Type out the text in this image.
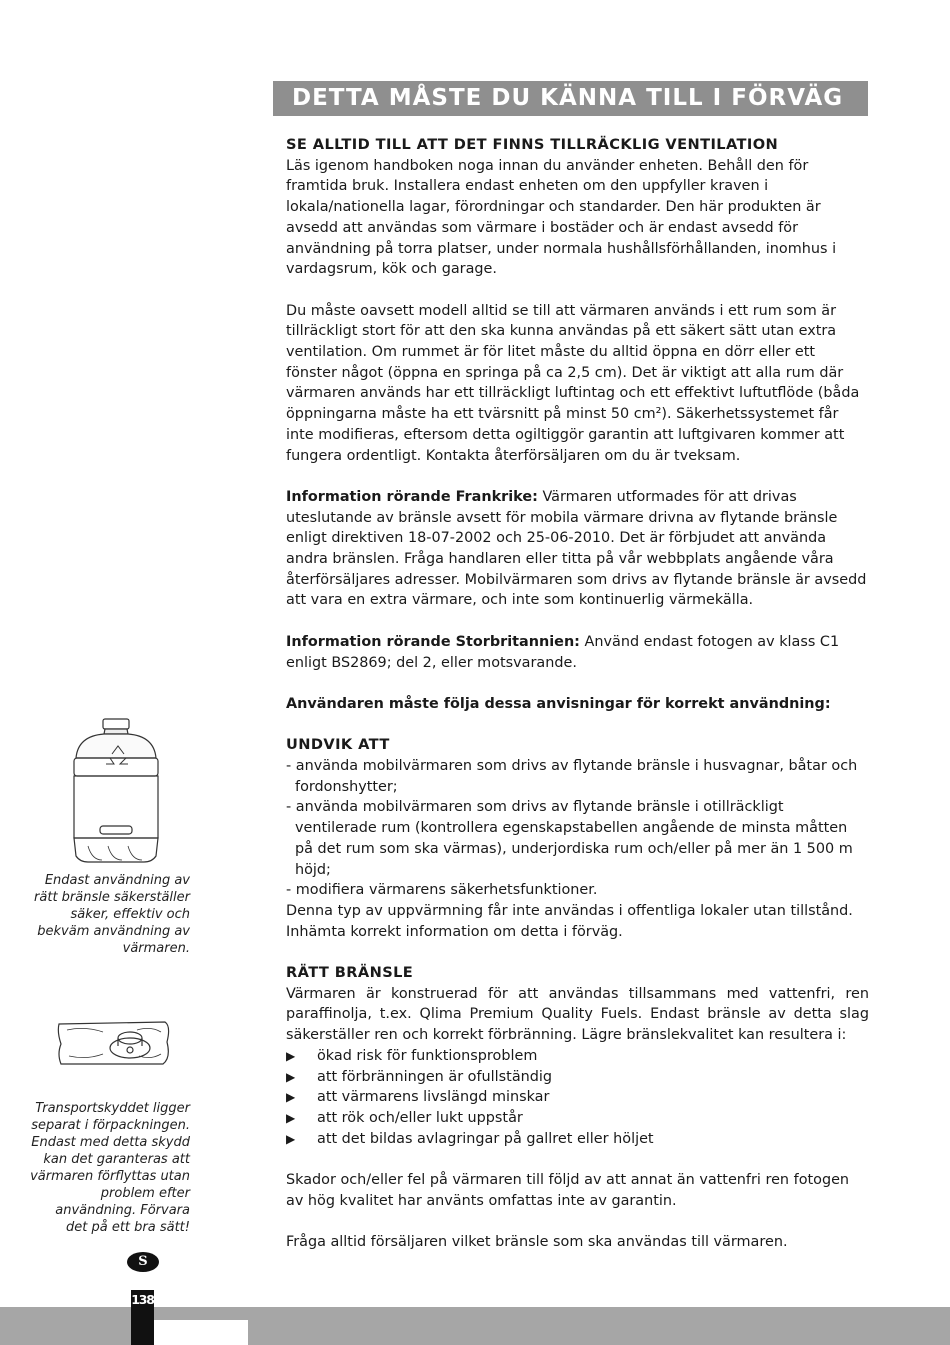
DETTA MÅSTE DU KÄNNA TILL I FÖRVÄG
SE ALLTID TILL ATT DET FINNS TILLRÄCKLIG VENTILATION

Läs igenom handboken noga innan du använder enheten. Behåll den för framtida bruk. Installera endast enheten om den uppfyller kraven i lokala/nationella lagar, förordningar och standarder. Den här produkten är avsedd att användas som värmare i bostäder och är endast avsedd för användning på torra platser, under normala hushållsförhållanden, inomhus i vardagsrum, kök och garage.

Du måste oavsett modell alltid se till att värmaren används i ett rum som är tillräckligt stort för att den ska kunna användas på ett säkert sätt utan extra ventilation. Om rummet är för litet måste du alltid öppna en dörr eller ett fönster något (öppna en springa på ca 2,5 cm). Det är viktigt att alla rum där värmaren används har ett tillräckligt luftintag och ett effektivt luftutflöde (båda öppningarna måste ha ett tvärsnitt på minst 50 cm²). Säkerhetssystemet får inte modifieras, eftersom detta ogiltiggör garantin att luftgivaren kommer att fungera ordentligt. Kontakta återförsäljaren om du är tveksam.

Information rörande Frankrike: Värmaren utformades för att drivas uteslutande av bränsle avsett för mobila värmare drivna av flytande bränsle enligt direktiven 18-07-2002 och 25-06-2010. Det är förbjudet att använda andra bränslen. Fråga handlaren eller titta på vår webbplats angående våra återförsäljares adresser. Mobilvärmaren som drivs av flytande bränsle är avsedd att vara en extra värmare, och inte som kontinuerlig värmekälla.

Information rörande Storbritannien: Använd endast fotogen av klass C1 enligt BS2869; del 2, eller motsvarande.

Användaren måste följa dessa anvisningar för korrekt användning:

UNDVIK ATT
- använda mobilvärmaren som drivs av flytande bränsle i husvagnar, båtar och fordonshytter;
- använda mobilvärmaren som drivs av flytande bränsle i otillräckligt ventilerade rum (kontrollera egenskapstabellen angående de minsta måtten på det rum som ska värmas), underjordiska rum och/eller på mer än 1 500 m höjd;
- modifiera värmarens säkerhetsfunktioner.

Denna typ av uppvärmning får inte användas i offentliga lokaler utan tillstånd. Inhämta korrekt information om detta i förväg.

RÄTT BRÄNSLE
Värmaren är konstruerad för att användas tillsammans med vattenfri, ren paraffinolja, t.ex. Qlima Premium Quality Fuels. Endast bränsle av detta slag säkerställer ren och korrekt förbränning. Lägre bränslekvalitet kan resultera i:
▶ ökad risk för funktionsproblem
▶ att förbränningen är ofullständig
▶ att värmarens livslängd minskar
▶ att rök och/eller lukt uppstår
▶ att det bildas avlagringar på gallret eller höljet

Skador och/eller fel på värmaren till följd av att annat än vattenfri ren fotogen av hög kvalitet har använts omfattas inte av garantin.

Fråga alltid försäljaren vilket bränsle som ska användas till värmaren.

Endast användning av rätt bränsle säkerställer säker, effektiv och bekväm användning av värmaren.
Transportskyddet ligger separat i förpackningen. Endast med detta skydd kan det garanteras att värmaren förflyttas utan problem efter användning. Förvara det på ett bra sätt!
S
138
